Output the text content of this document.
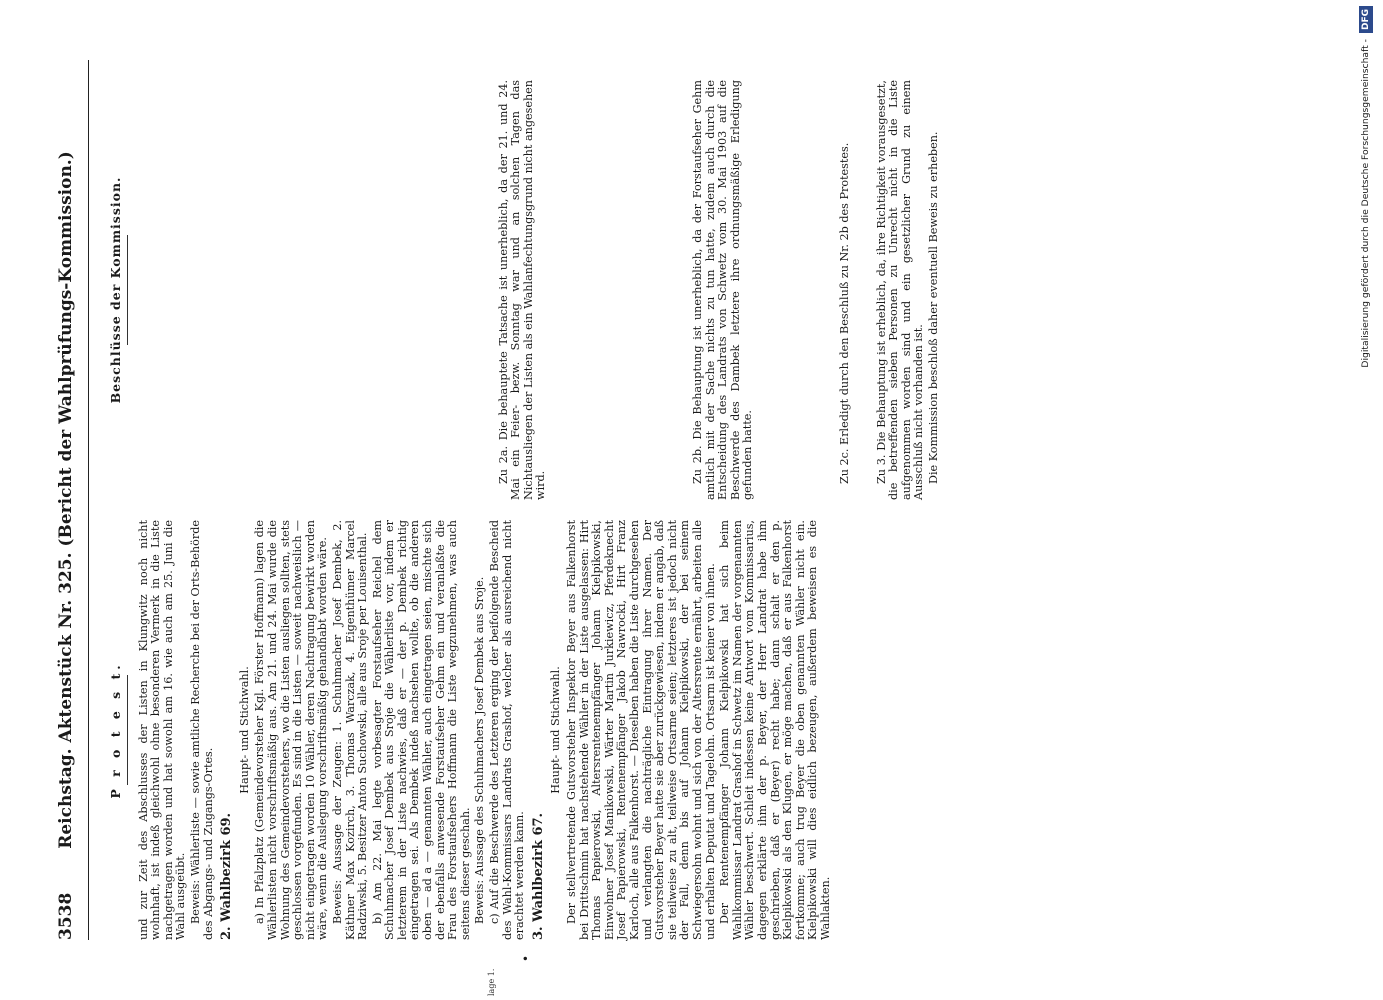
3538
Reichstag. Aktenstück Nr. 325. (Bericht der Wahlprüfungs-Kommission.)
lage 1.
•
P r o t e s t. und zur Zeit des Abschlusses der Listen in Klungwitz noch nicht wohnhaft, ist indeß gleichwohl ohne besonderen Vermerk in die Liste nachgetragen worden und hat sowohl am 16. wie auch am 25. Juni die Wahl ausgeübt. Beweis: Wählerliste — sowie amtliche Recherche bei der Orts-Behörde des Abgangs- und Zugangs-Ortes. 2. Wahlbezirk 69.
Haupt- und Stichwahl. a) In Pfalzplatz (Gemeindevorsteher Kgl. Förster Hoffmann) lagen die Wählerlisten nicht vorschriftsmäßig aus. Am 21. und 24. Mai wurde die Wohnung des Gemeindevorstehers, wo die Listen ausliegen sollten, stets geschlossen vorgefunden. Es sind in die Listen — soweit nachweislich — nicht eingetragen worden 10 Wähler, deren Nachtragung bewirkt worden wäre, wenn die Auslegung vorschriftsmäßig gehandhabt worden wäre. Beweis: Aussage der Zeugen: 1. Schuhmacher Josef Dembek, 2. Käthner Max Kozirch, 3. Thomas Warczak, 4. Eigenthümer Marcel Radziwski, 5. Besitzer Anton Suchowski, alle aus Sroje per Louisenthal. b) Am 22. Mai legte vorbesagter Forstaufseher Reichel dem Schuhmacher Josef Dembek aus Sroje die Wählerliste vor, indem er letzterem in der Liste nachwies, daß er — der p. Dembek richtig eingetragen sei. Als Dembek indeß nachsehen wollte, ob die anderen oben — ad a — genannten Wähler, auch eingetragen seien, mischte sich der ebenfalls anwesende Forstaufseher Gehm ein und veranlaßte die Frau des Forstaufsehers Hoffmann die Liste wegzunehmen, was auch seitens dieser geschah. Beweis: Aussage des Schuhmachers Josef Dembek aus Sroje. c) Auf die Beschwerde des Letzteren erging der beifolgende Bescheid des Wahl-Kommissars Landrats Grashof, welcher als ausreichend nicht erachtet werden kann. 3. Wahlbezirk 67.
Haupt- und Stichwahl. Der stellvertretende Gutsvorsteher Inspektor Beyer aus Falkenhorst bei Drittschmin hat nachstehende Wähler in der Liste ausgelassen: Hirt Thomas Papierowski, Altersrentenempfänger Johann Kielpikowski, Einwohner Josef Manikowski, Wärter Martin Jurkiewicz, Pferdeknecht Josef Papierowski, Rentenempfänger Jakob Nawrocki, Hirt Franz Karloch, alle aus Falkenhorst. — Dieselben haben die Liste durchgesehen und verlangten die nachträgliche Eintragung ihrer Namen. Der Gutsvorsteher Beyer hatte sie aber zurückgewiesen, indem er angab, daß sie teilweise zu alt, teilweise Ortsarme seien; letzteres ist jedoch nicht der Fall, denn bis auf Johann Kielpikowski, der bei seinem Schwiegersohn wohnt und sich von der Altersrente ernährt, arbeiten alle und erhalten Deputat und Tagelohn. Ortsarm ist keiner von ihnen. Der Rentenempfänger Johann Kielpikowski hat sich beim Wahlkommissar Landrat Grashof in Schwetz im Namen der vorgenannten Wähler beschwert. Schleit indessen keine Antwort vom Kommissarius, dagegen erklärte ihm der p. Beyer, der Herr Landrat habe ihm geschrieben, daß er (Beyer) recht habe; dann schalt er den p. Kielpikowski als den Klugen, er möge machen, daß er aus Falkenhorst fortkomme; auch trug Beyer die oben genannten Wähler nicht ein. Kielpikowski will dies eidlich bezeugen, außerdem beweisen es die Wahlakten.

Beschlüsse der Kommission.	Zu 2a. Die behauptete Tatsache ist unerheblich, da der 21. und 24. Mai ein Feier- bezw. Sonntag war und an solchen Tagen das Nichtausliegen der Listen als ein Wahlanfechtungsgrund nicht angesehen wird.

Zu 2b. Die Behauptung ist unerheblich, da der Forstaufseher Gehm amtlich mit der Sache nichts zu tun hatte, zudem auch durch die Entscheidung des Landrats von Schwetz vom 30. Mai 1903 auf die Beschwerde des Dambek letztere ihre ordnungsmäßige Erledigung gefunden hatte.	Zu 2c. Erledigt durch den Beschluß zu Nr. 2b des Protestes. Zu 3. Die Behauptung ist erheblich, da, ihre Richtigkeit vorausgesetzt, die betreffenden sieben Personen zu Unrecht nicht in die Liste aufgenommen worden sind und ein gesetzlicher Grund zu einem Ausschluß nicht vorhanden ist. Die Kommission beschloß daher eventuell Beweis zu erheben.	Digitalisierung gefördert durch die Deutsche Forschungsgemeinschaft -DFG
